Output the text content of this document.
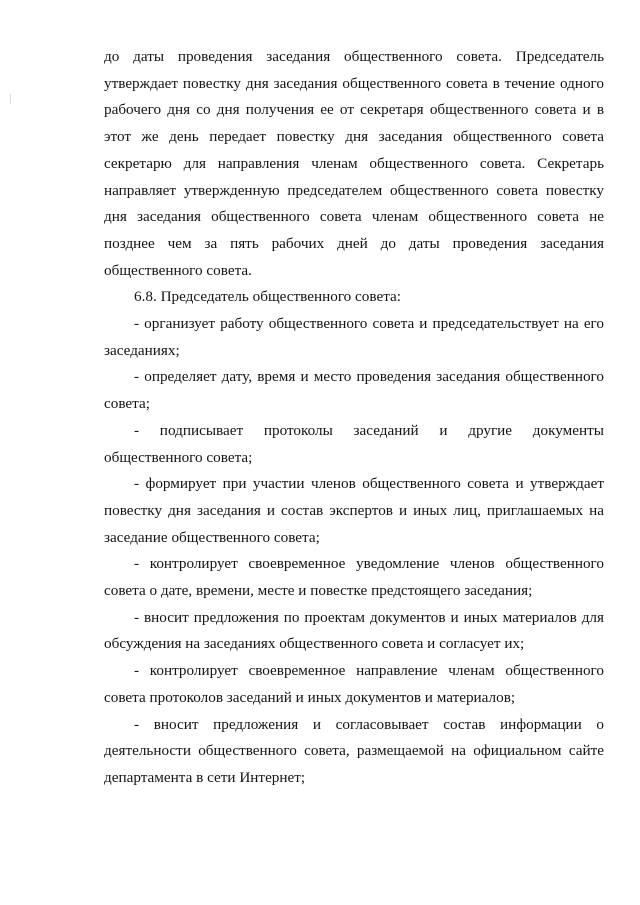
до даты проведения заседания общественного совета. Председатель утверждает повестку дня заседания общественного совета в течение одного рабочего дня со дня получения ее от секретаря общественного совета и в этот же день передает повестку дня заседания общественного совета секретарю для направления членам общественного совета. Секретарь направляет утвержденную председателем общественного совета повестку дня заседания общественного совета членам общественного совета не позднее чем за пять рабочих дней до даты проведения заседания общественного совета.

6.8. Председатель общественного совета:

- организует работу общественного совета и председательствует на его заседаниях;

- определяет дату, время и место проведения заседания общественного совета;

- подписывает протоколы заседаний и другие документы общественного совета;

- формирует при участии членов общественного совета и утверждает повестку дня заседания и состав экспертов и иных лиц, приглашаемых на заседание общественного совета;

- контролирует своевременное уведомление членов общественного совета о дате, времени, месте и повестке предстоящего заседания;

- вносит предложения по проектам документов и иных материалов для обсуждения на заседаниях общественного совета и согласует их;

- контролирует своевременное направление членам общественного совета протоколов заседаний и иных документов и материалов;

- вносит предложения и согласовывает состав информации о деятельности общественного совета, размещаемой на официальном сайте департамента в сети Интернет;
